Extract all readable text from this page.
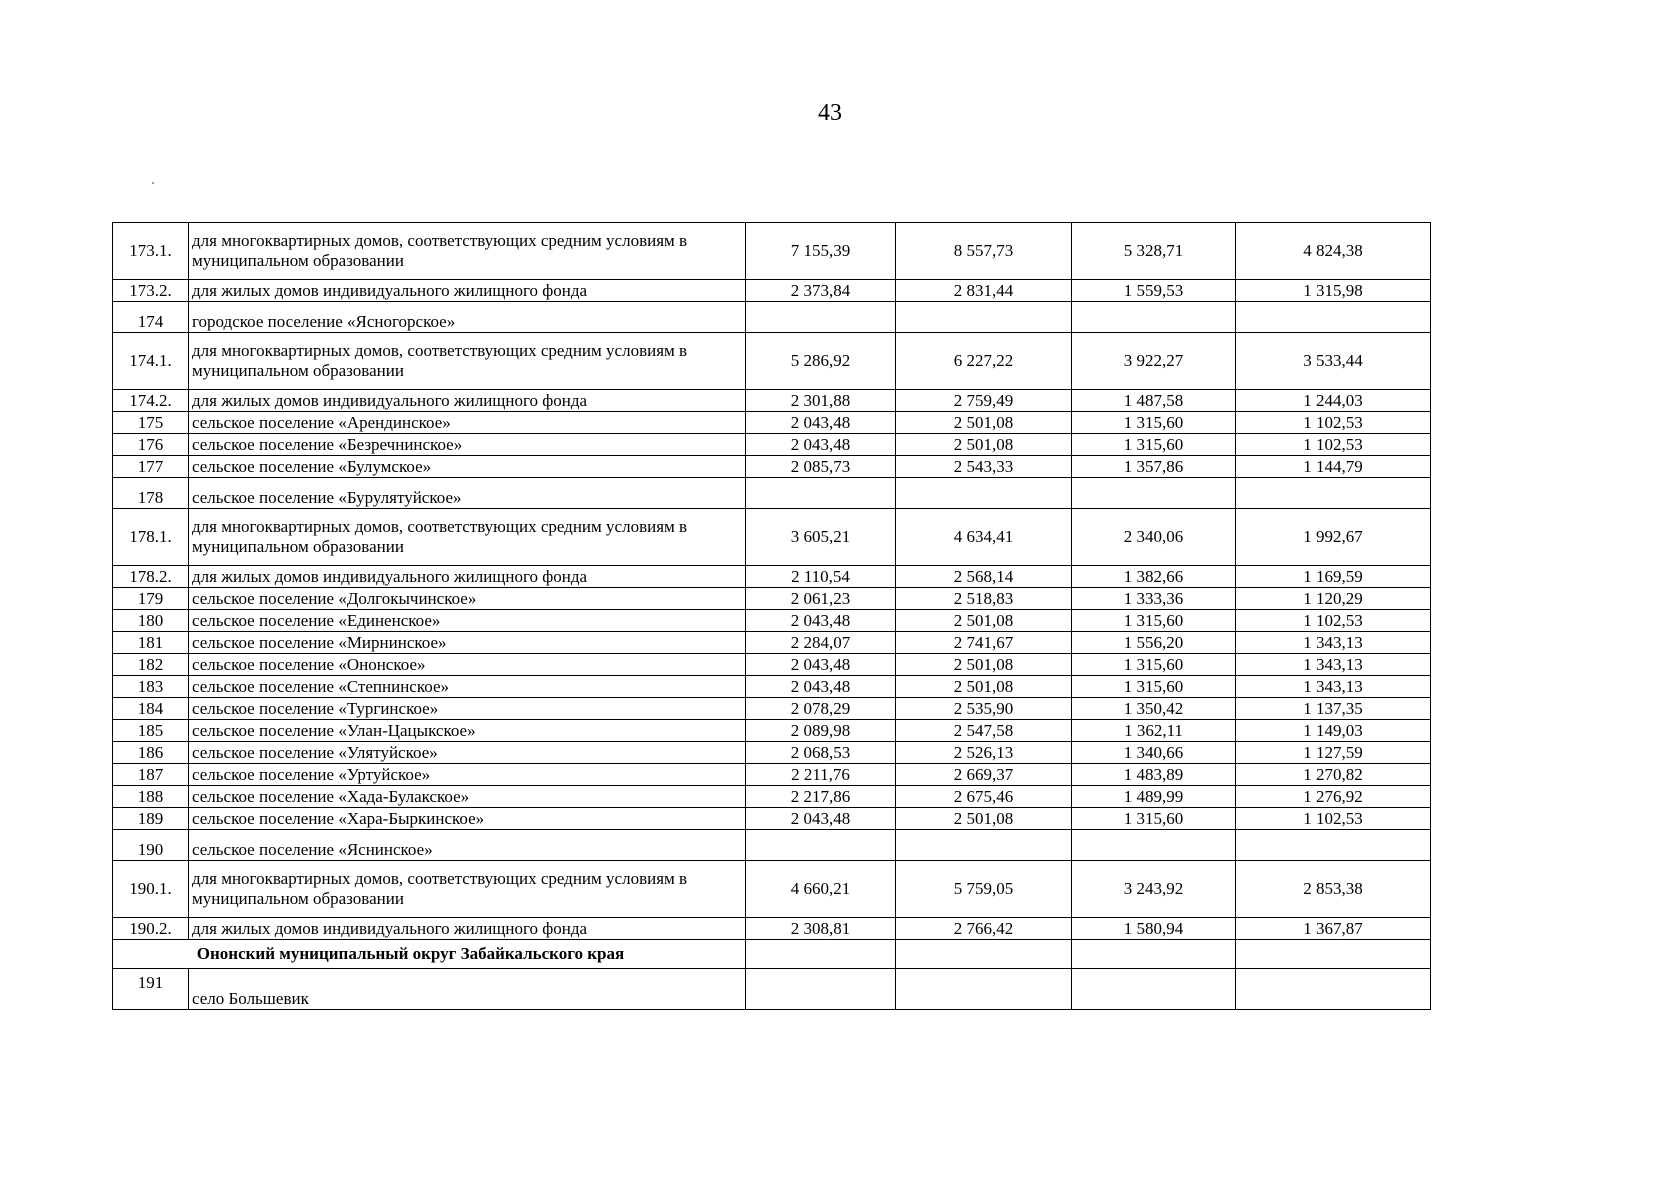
43
173.1.	для многоквартирных домов, соответствующих средним условиям в муниципальном образовании	7 155,39	8 557,73	5 328,71	4 824,38
173.2.	для жилых домов индивидуального жилищного фонда	2 373,84	2 831,44	1 559,53	1 315,98
174	городское поселение «Ясногорское»				
174.1.	для многоквартирных домов, соответствующих средним условиям в муниципальном образовании	5 286,92	6 227,22	3 922,27	3 533,44
174.2.	для жилых домов индивидуального жилищного фонда	2 301,88	2 759,49	1 487,58	1 244,03
175	сельское поселение «Арендинское»	2 043,48	2 501,08	1 315,60	1 102,53
176	сельское поселение «Безречнинское»	2 043,48	2 501,08	1 315,60	1 102,53
177	сельское поселение «Булумское»	2 085,73	2 543,33	1 357,86	1 144,79
178	сельское поселение «Бурулятуйское»				
178.1.	для многоквартирных домов, соответствующих средним условиям в муниципальном образовании	3 605,21	4 634,41	2 340,06	1 992,67
178.2.	для жилых домов индивидуального жилищного фонда	2 110,54	2 568,14	1 382,66	1 169,59
179	сельское поселение «Долгокычинское»	2 061,23	2 518,83	1 333,36	1 120,29
180	сельское поселение «Единенское»	2 043,48	2 501,08	1 315,60	1 102,53
181	сельское поселение «Мирнинское»	2 284,07	2 741,67	1 556,20	1 343,13
182	сельское поселение «Ононское»	2 043,48	2 501,08	1 315,60	1 343,13
183	сельское поселение «Степнинское»	2 043,48	2 501,08	1 315,60	1 343,13
184	сельское поселение «Тургинское»	2 078,29	2 535,90	1 350,42	1 137,35
185	сельское поселение «Улан-Цацыкское»	2 089,98	2 547,58	1 362,11	1 149,03
186	сельское поселение «Улятуйское»	2 068,53	2 526,13	1 340,66	1 127,59
187	сельское поселение «Уртуйское»	2 211,76	2 669,37	1 483,89	1 270,82
188	сельское поселение «Хада-Булакское»	2 217,86	2 675,46	1 489,99	1 276,92
189	сельское поселение «Хара-Быркинское»	2 043,48	2 501,08	1 315,60	1 102,53
190	сельское поселение «Яснинское»				
190.1.	для многоквартирных домов, соответствующих средним условиям в муниципальном образовании	4 660,21	5 759,05	3 243,92	2 853,38
190.2.	для жилых домов индивидуального жилищного фонда	2 308,81	2 766,42	1 580,94	1 367,87
Ононский муниципальный округ Забайкальского края					
191	село Большевик				
